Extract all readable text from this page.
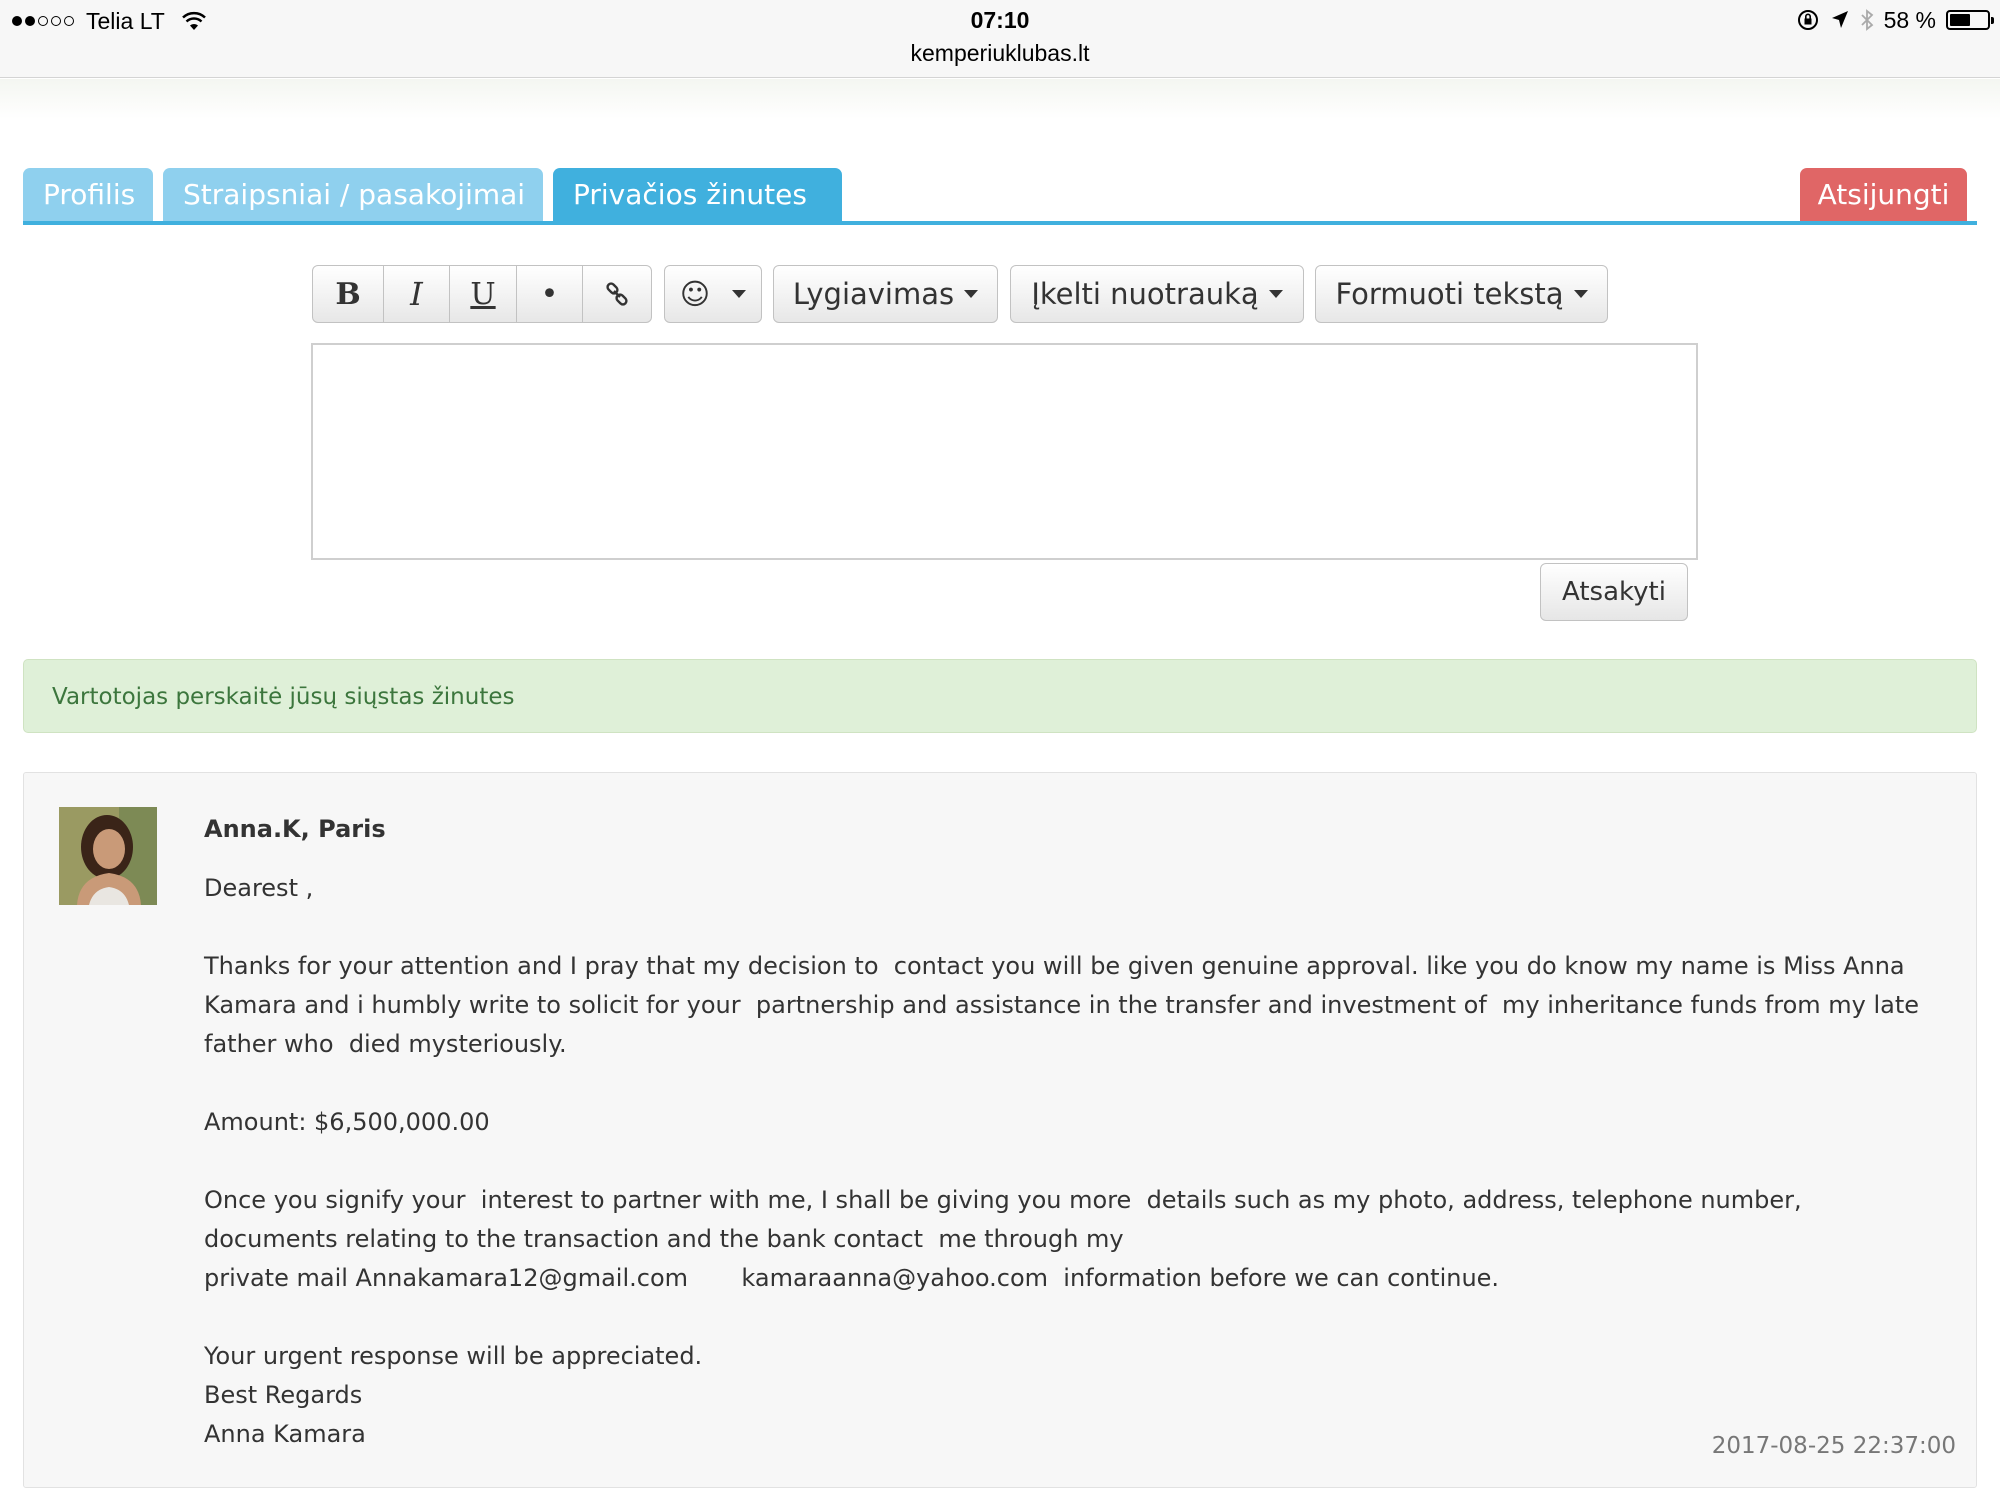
Telia LT	07:10
kemperiuklubas.lt
58 %
Profilis	Straipsniai / pasakojimai	Privačios žinutes	Atsijungti
B	I	U	•	☺	Lygiavimas	Įkelti nuotrauką	Formuoti tekstą
Atsakyti
Vartotojas perskaitė jūsų siųstas žinutes
Anna.K, Paris

Dearest ,

Thanks for your attention and I pray that my decision to  contact you will be given genuine approval. like you do know my name is Miss Anna

Kamara and i humbly write to solicit for your  partnership and assistance in the transfer and investment of  my inheritance funds from my late

father who  died mysteriously.

Amount: $6,500,000.00

Once you signify your  interest to partner with me, I shall be giving you more  details such as my photo, address, telephone number,

documents relating to the transaction and the bank contact  me through my

private mail Annakamara12@gmail.com       kamaraanna@yahoo.com  information before we can continue.

Your urgent response will be appreciated.

Best Regards

Anna Kamara	2017-08-25 22:37:00
